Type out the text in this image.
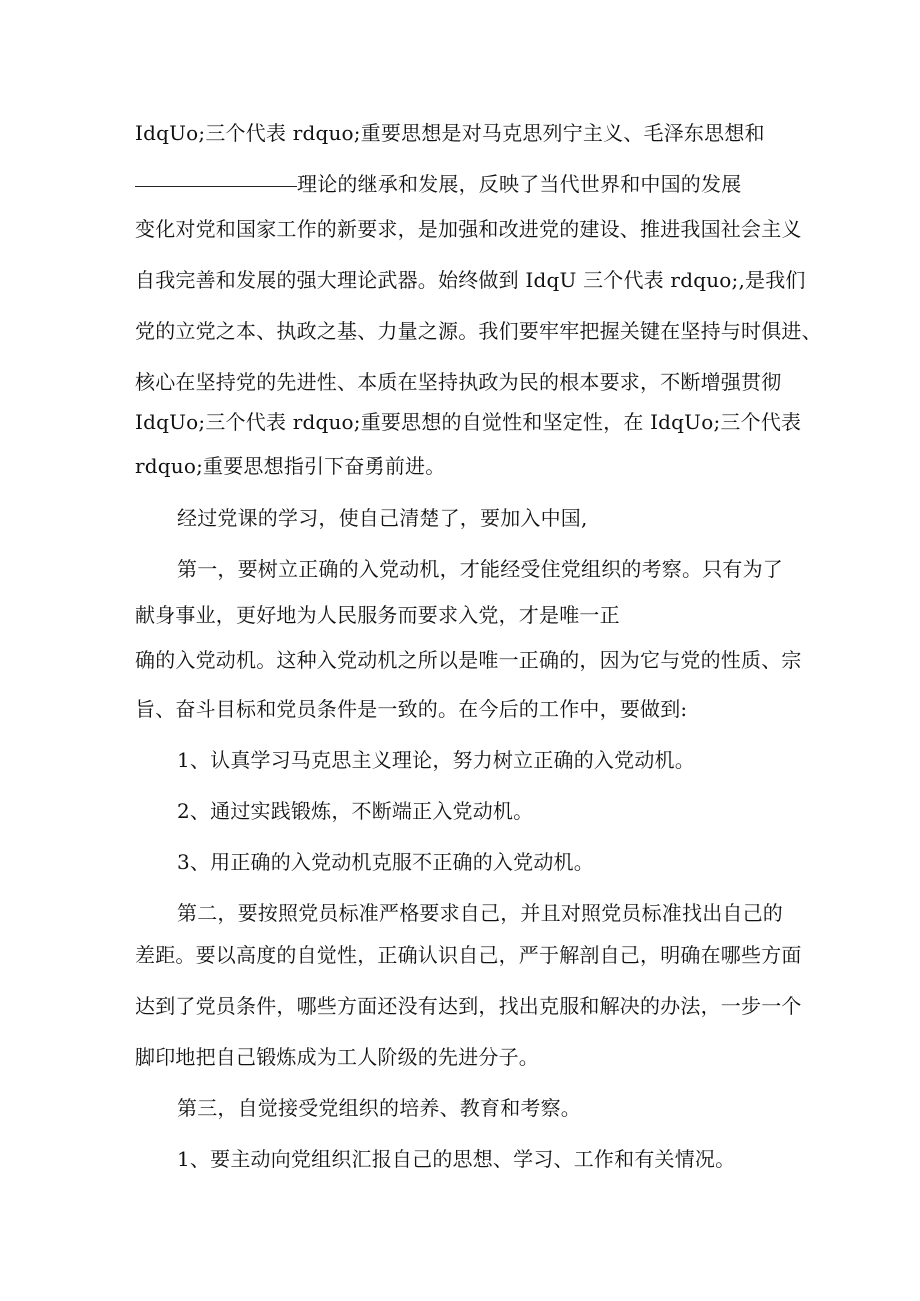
IdqUo;三个代表 rdquo;重要思想是对马克思列宁主义、毛泽东思想和
理论的继承和发展，反映了当代世界和中国的发展
变化对党和国家工作的新要求，是加强和改进党的建设、推进我国社会主义
自我完善和发展的强大理论武器。始终做到 IdqU 三个代表 rdquo;,是我们
党的立党之本、执政之基、力量之源。我们要牢牢把握关键在坚持与时俱进、
核心在坚持党的先进性、本质在坚持执政为民的根本要求，不断增强贯彻
IdqUo;三个代表 rdquo;重要思想的自觉性和坚定性，在 IdqUo;三个代表
rdquo;重要思想指引下奋勇前进。
经过党课的学习，使自己清楚了，要加入中国,
第一，要树立正确的入党动机，才能经受住党组织的考察。只有为了
献身事业，更好地为人民服务而要求入党，才是唯一正
确的入党动机。这种入党动机之所以是唯一正确的，因为它与党的性质、宗
旨、奋斗目标和党员条件是一致的。在今后的工作中，要做到:
1、认真学习马克思主义理论，努力树立正确的入党动机。
2、通过实践锻炼，不断端正入党动机。
3、用正确的入党动机克服不正确的入党动机。
第二，要按照党员标准严格要求自己，并且对照党员标准找出自己的
差距。要以高度的自觉性，正确认识自己，严于解剖自己，明确在哪些方面
达到了党员条件，哪些方面还没有达到，找出克服和解决的办法，一步一个
脚印地把自己锻炼成为工人阶级的先进分子。
第三，自觉接受党组织的培养、教育和考察。
1、要主动向党组织汇报自己的思想、学习、工作和有关情况。
